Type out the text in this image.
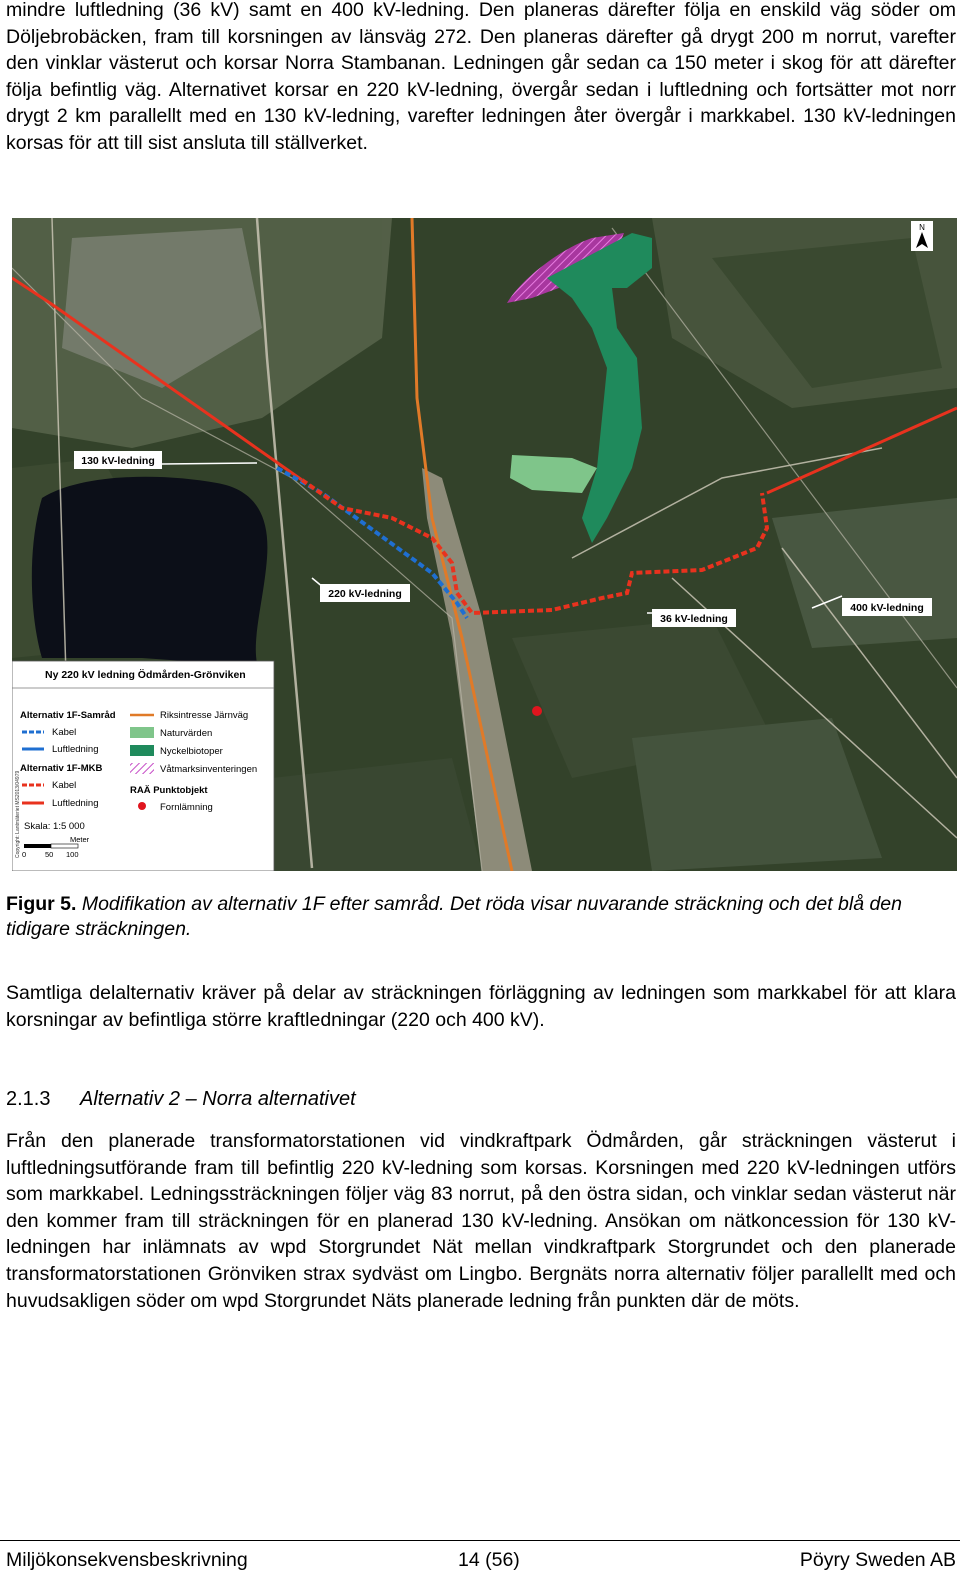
mindre luftledning (36 kV) samt en 400 kV-ledning. Den planeras därefter följa en enskild väg söder om Döljebrobäcken, fram till korsningen av länsväg 272. Den planeras därefter gå drygt 200 m norrut, varefter den vinklar västerut och korsar Norra Stambanan. Ledningen går sedan ca 150 meter i skog för att därefter följa befintlig väg. Alternativet korsar en 220 kV-ledning, övergår sedan i luftledning och fortsätter mot norr drygt 2 km parallellt med en 130 kV-ledning, varefter ledningen åter övergår i markkabel. 130 kV-ledningen korsas för att till sist ansluta till ställverket.

N
130 kV-ledning
220 kV-ledning
36 kV-ledning
400 kV-ledning
Ny 220 kV ledning Ödmården-Grönviken
Alternativ 1F-Samråd
Kabel
Luftledning
Alternativ 1F-MKB
Kabel
Luftledning
Riksintresse Järnväg
Naturvärden
Nyckelbiotoper
Våtmarksinventeringen
RAÄ Punktobjekt
Fornlämning
Skala: 1:5 000
Meter
0	50 100
Copyright: Lantmäteriet MS2013/04979

Figur 5. Modifikation av alternativ 1F efter samråd. Det röda visar nuvarande sträckning och det blå den tidigare sträckningen.

Samtliga delalternativ kräver på delar av sträckningen förläggning av ledningen som markkabel för att klara korsningar av befintliga större kraftledningar (220 och 400 kV).

2.1.3 Alternativ 2 – Norra alternativet

Från den planerade transformatorstationen vid vindkraftpark Ödmården, går sträckningen västerut i luftledningsutförande fram till befintlig 220 kV-ledning som korsas. Korsningen med 220 kV-ledningen utförs som markkabel. Ledningssträckningen följer väg 83 norrut, på den östra sidan, och vinklar sedan västerut när den kommer fram till sträckningen för en planerad 130 kV-ledning. Ansökan om nätkoncession för 130 kV-ledningen har inlämnats av wpd Storgrundet Nät mellan vindkraftpark Storgrundet och den planerade transformatorstationen Grönviken strax sydväst om Lingbo. Bergnäts norra alternativ följer parallellt med och huvudsakligen söder om wpd Storgrundet Näts planerade ledning från punkten där de möts.

Miljökonsekvensbeskrivning	14 (56)	Pöyry Sweden AB
